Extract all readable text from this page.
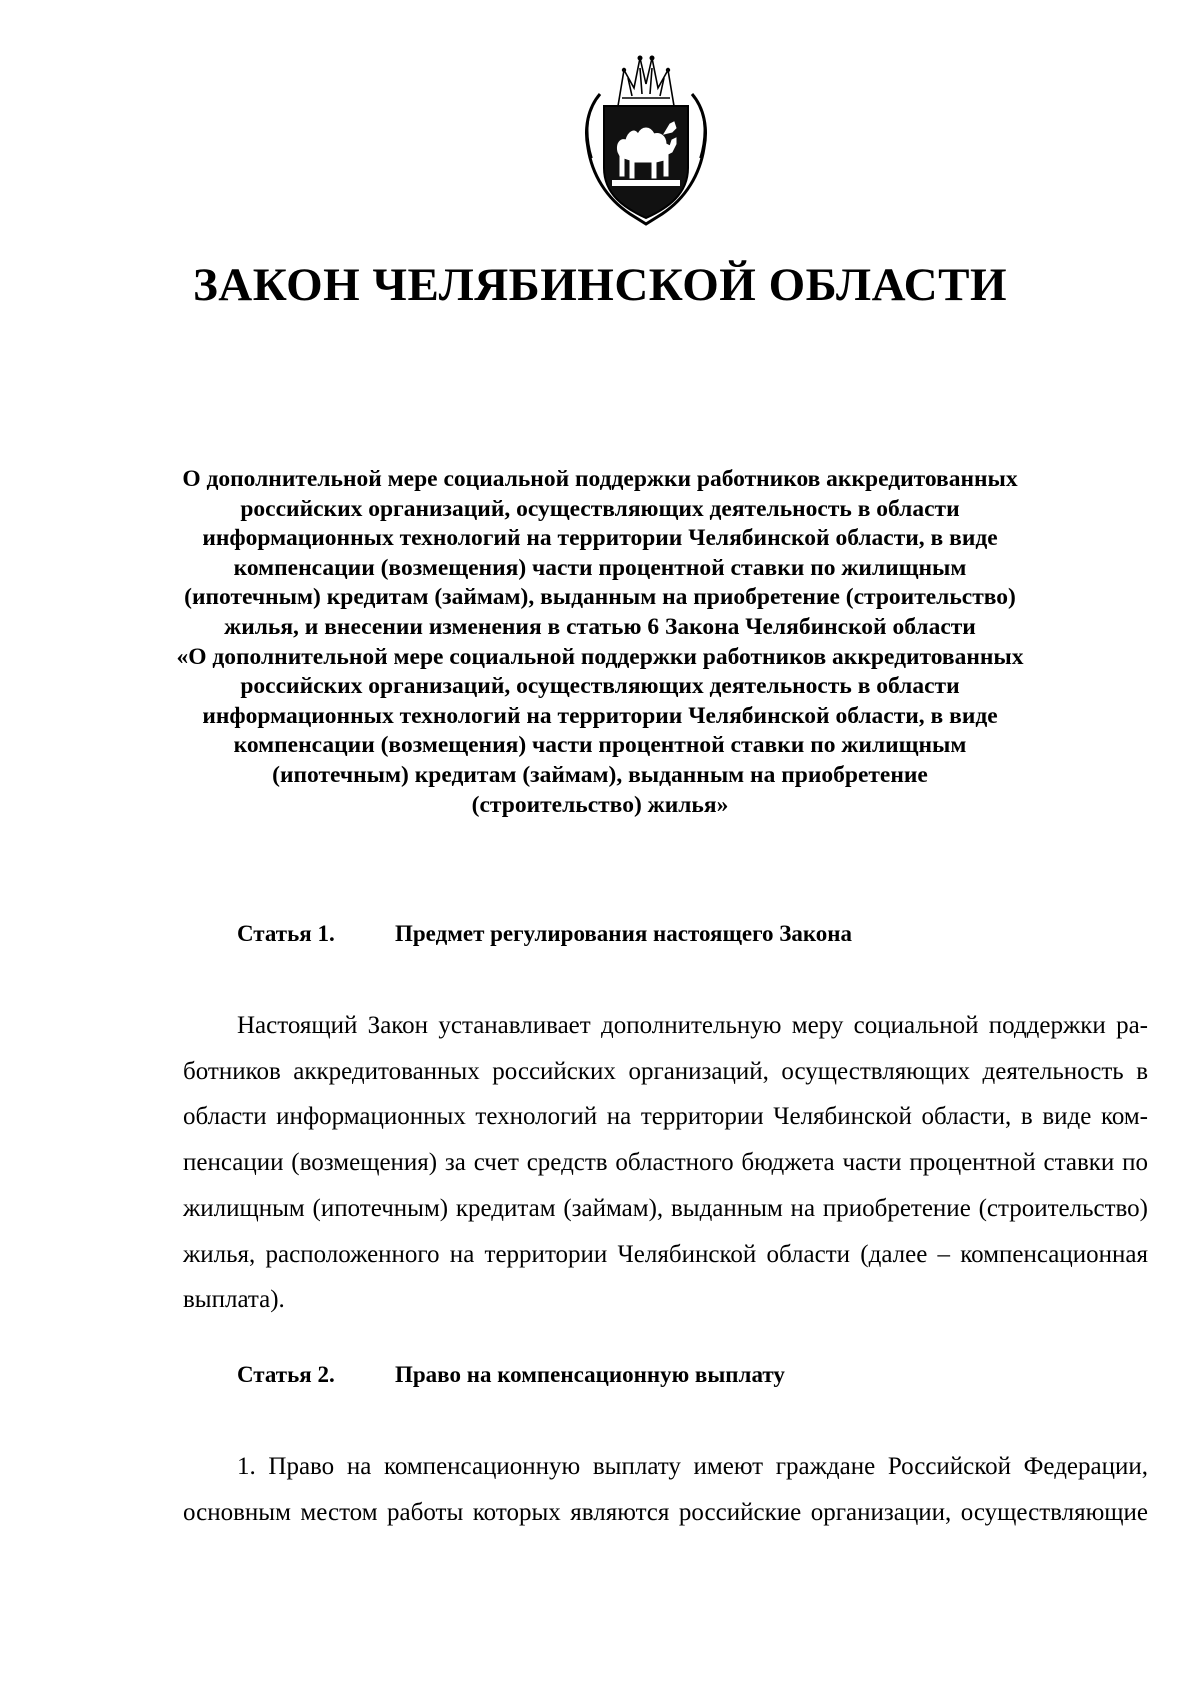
ЗАКОН ЧЕЛЯБИНСКОЙ ОБЛАСТИ
О дополнительной мере социальной поддержки работников аккредитованных
российских организаций, осуществляющих деятельность в области
информационных технологий на территории Челябинской области, в виде
компенсации (возмещения) части процентной ставки по жилищным
(ипотечным) кредитам (займам), выданным на приобретение (строительство)
жилья, и внесении изменения в статью 6 Закона Челябинской области
«О дополнительной мере социальной поддержки работников аккредитованных
российских организаций, осуществляющих деятельность в области
информационных технологий на территории Челябинской области, в виде
компенсации (возмещения) части процентной ставки по жилищным
(ипотечным) кредитам (займам), выданным на приобретение
(строительство) жилья»
Статья 1.	Предмет регулирования настоящего Закона
Настоящий Закон устанавливает дополнительную меру социальной поддержки ра-
ботников аккредитованных российских организаций, осуществляющих деятельность в
области информационных технологий на территории Челябинской области, в виде ком-
пенсации (возмещения) за счет средств областного бюджета части процентной ставки по
жилищным (ипотечным) кредитам (займам), выданным на приобретение (строительство)
жилья, расположенного на территории Челябинской области (далее – компенсационная
выплата).
Статья 2.	Право на компенсационную выплату
1. Право на компенсационную выплату имеют граждане Российской Федерации,
основным местом работы которых являются российские организации, осуществляющие
